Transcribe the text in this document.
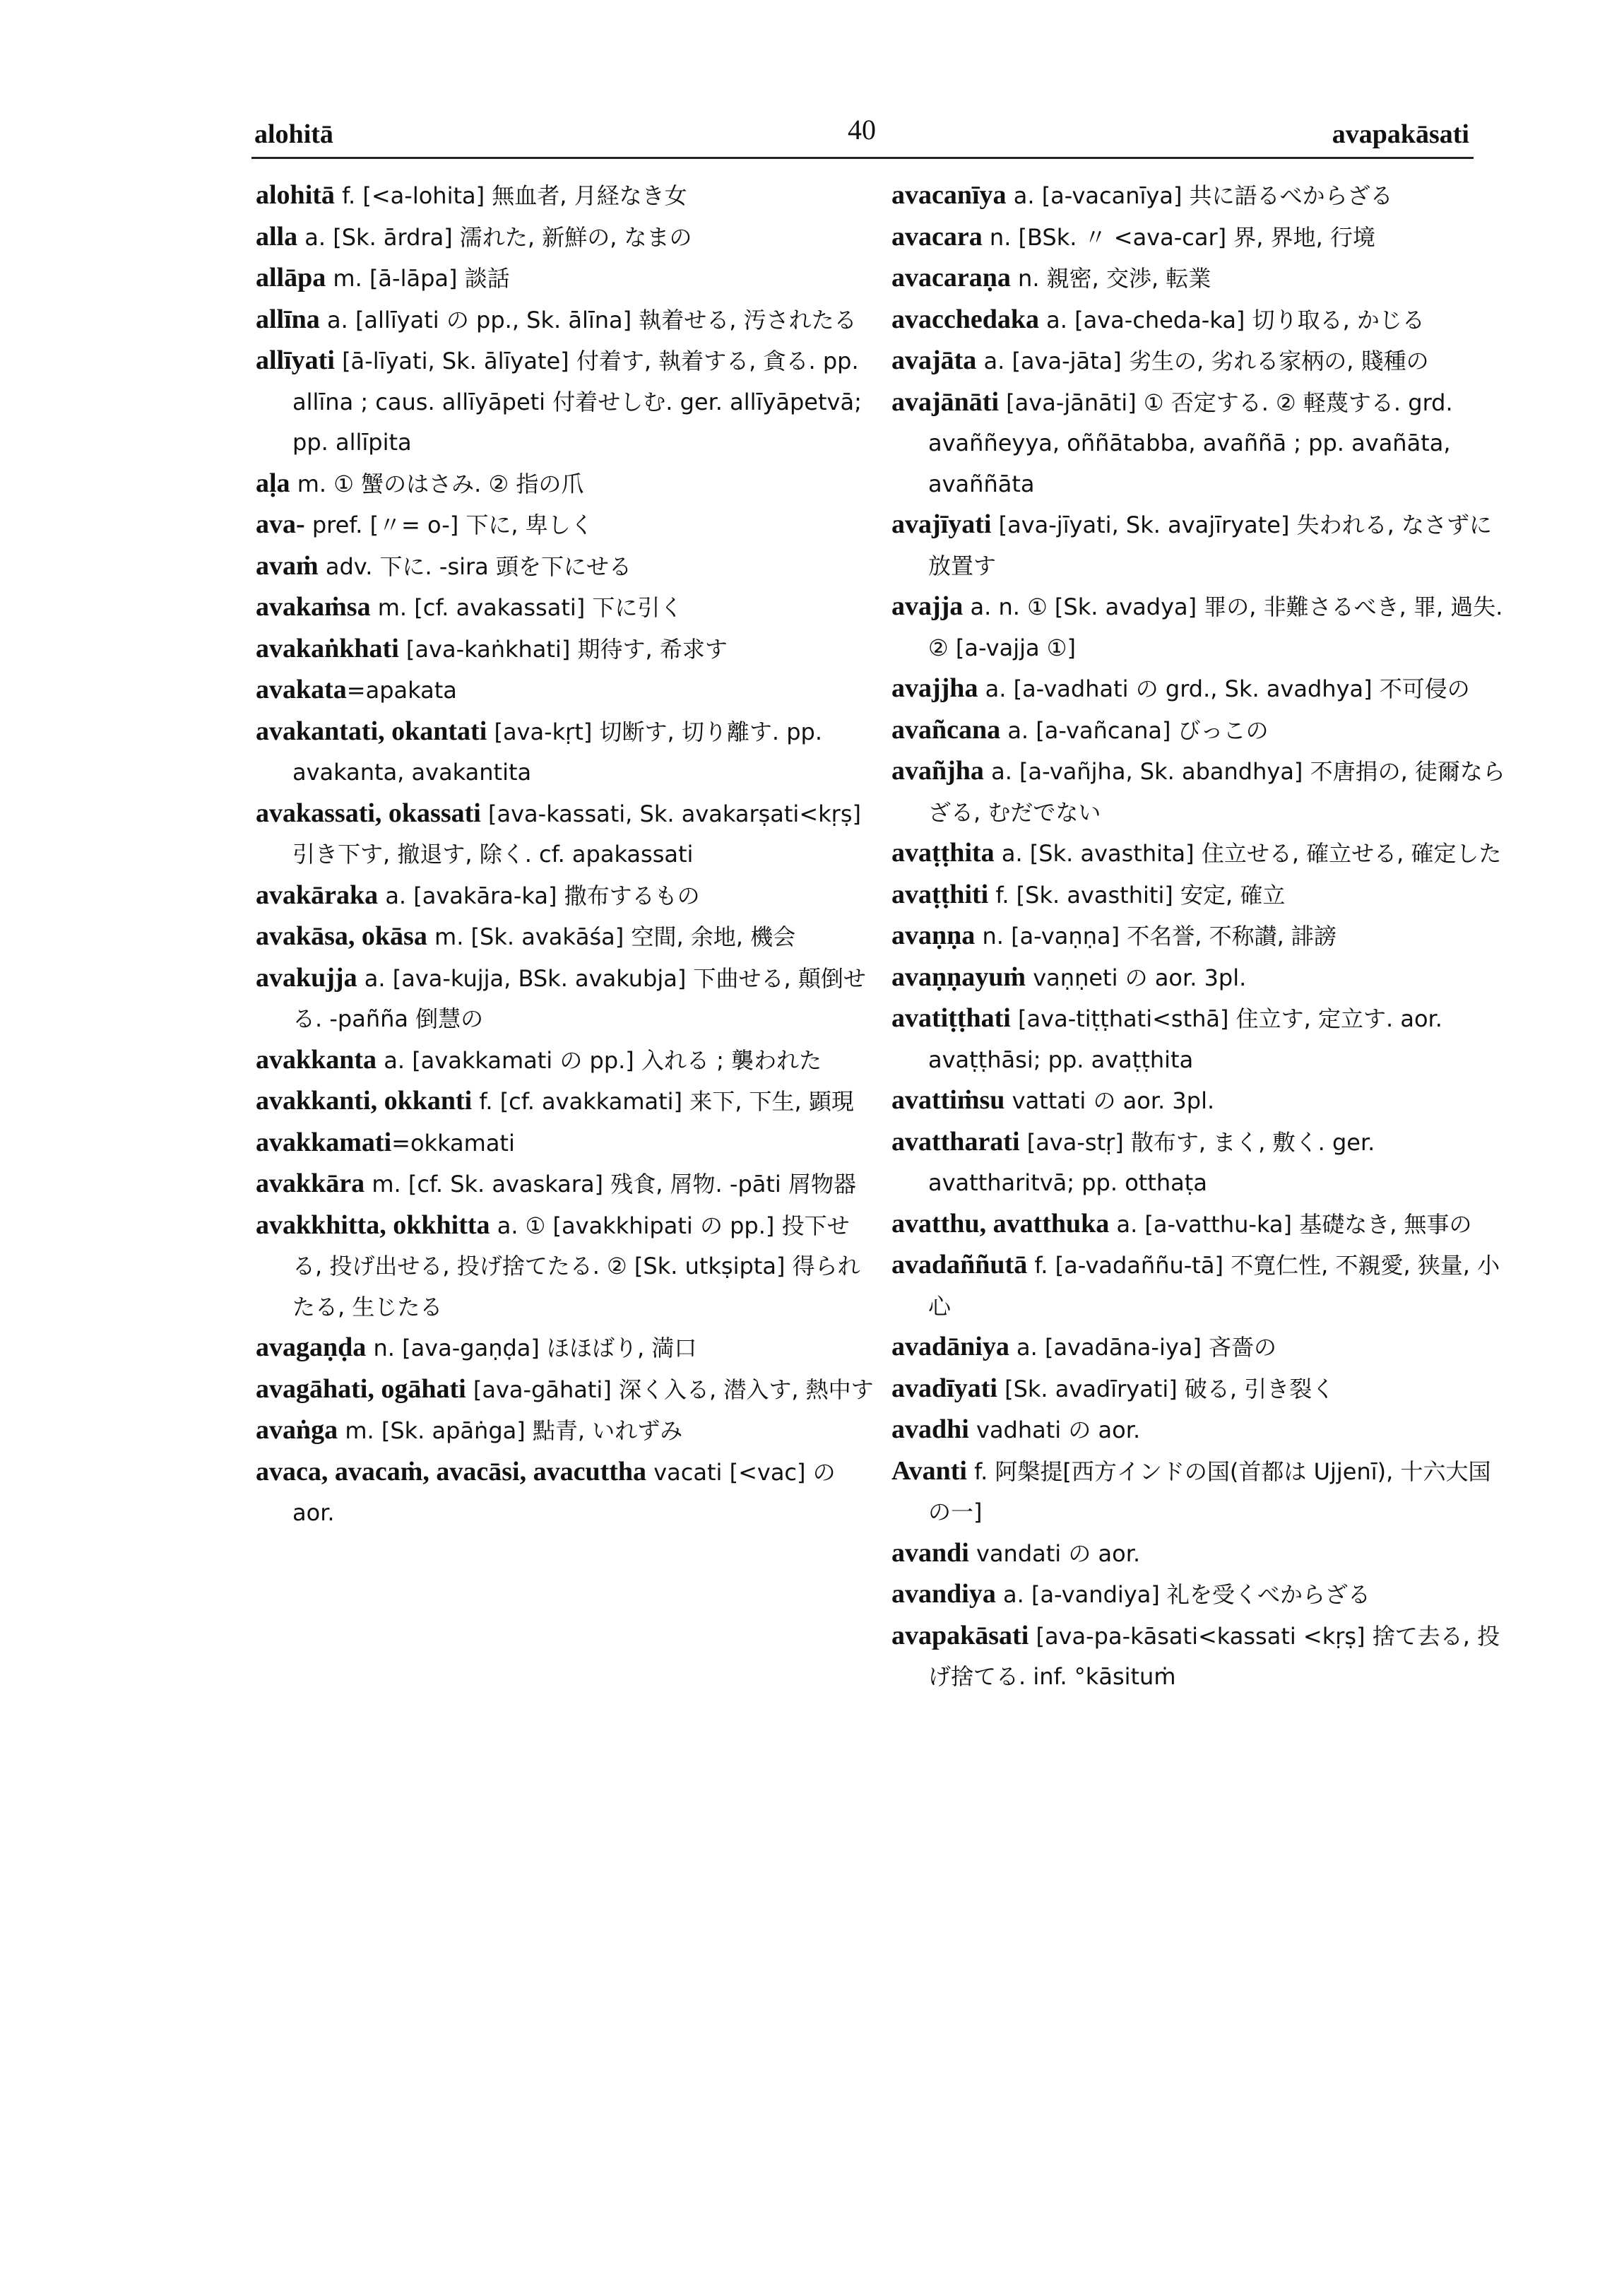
alohitā	40	avapakāsati

alohitā f. [<a-lohita] 無血者, 月経なき女

alla a. [Sk. ārdra] 濡れた, 新鮮の, なまの

allāpa m. [ā-lāpa] 談話

allīna a. [allīyati の pp., Sk. ālīna] 執着せる, 汚されたる

allīyati [ā-līyati, Sk. ālīyate] 付着す, 執着する, 貪る. pp. allīna ; caus. allīyāpeti 付着せしむ. ger. allīyāpetvā; pp. allīpita

aḷa m. ① 蟹のはさみ. ② 指の爪

ava- pref. [〃= o-] 下に, 卑しく

avaṁ adv. 下に. -sira 頭を下にせる

avakaṁsa m. [cf. avakassati] 下に引く

avakaṅkhati [ava-kaṅkhati] 期待す, 希求す

avakata=apakata

avakantati, okantati [ava-kṛt] 切断す, 切り離す. pp. avakanta, avakantita

avakassati, okassati [ava-kassati, Sk. avakarṣati<kṛṣ] 引き下す, 撤退す, 除く. cf. apakassati

avakāraka a. [avakāra-ka] 撒布するもの

avakāsa, okāsa m. [Sk. avakāśa] 空間, 余地, 機会

avakujja a. [ava-kujja, BSk. avakubja] 下曲せる, 顛倒せる. -pañña 倒慧の

avakkanta a. [avakkamati の pp.] 入れる ; 襲われた

avakkanti, okkanti f. [cf. avakkamati] 来下, 下生, 顕現

avakkamati=okkamati

avakkāra m. [cf. Sk. avaskara] 残食, 屑物. -pāti 屑物器

avakkhitta, okkhitta a. ① [avakkhipati の pp.] 投下せる, 投げ出せる, 投げ捨てたる. ② [Sk. utkṣipta] 得られたる, 生じたる

avagaṇḍa n. [ava-gaṇḍa] ほほばり, 満口

avagāhati, ogāhati [ava-gāhati] 深く入る, 潜入す, 熱中す

avaṅga m. [Sk. apāṅga] 點青, いれずみ

avaca, avacaṁ, avacāsi, avacuttha vacati [<vac] の aor.

avacanīya a. [a-vacanīya] 共に語るべからざる

avacara n. [BSk. 〃 <ava-car] 界, 界地, 行境

avacaraṇa n. 親密, 交渉, 転業

avacchedaka a. [ava-cheda-ka] 切り取る, かじる

avajāta a. [ava-jāta] 劣生の, 劣れる家柄の, 賤種の

avajānāti [ava-jānāti] ① 否定する. ② 軽蔑する. grd. avaññeyya, oññātabba, avaññā ; pp. avañāta, avaññāta

avajīyati [ava-jīyati, Sk. avajīryate] 失われる, なさずに放置す

avajja a. n. ① [Sk. avadya] 罪の, 非難さるべき, 罪, 過失. ② [a-vajja ①]

avajjha a. [a-vadhati の grd., Sk. avadhya] 不可侵の

avañcana a. [a-vañcana] びっこの

avañjha a. [a-vañjha, Sk. abandhya] 不唐捐の, 徒爾ならざる, むだでない

avaṭṭhita a. [Sk. avasthita] 住立せる, 確立せる, 確定した

avaṭṭhiti f. [Sk. avasthiti] 安定, 確立

avaṇṇa n. [a-vaṇṇa] 不名誉, 不称讃, 誹謗

avaṇṇayuṁ vaṇṇeti の aor. 3pl.

avatiṭṭhati [ava-tiṭṭhati<sthā] 住立す, 定立す. aor. avaṭṭhāsi; pp. avaṭṭhita

avattiṁsu vattati の aor. 3pl.

avattharati [ava-stṛ] 散布す, まく, 敷く. ger. avattharitvā; pp. otthaṭa

avatthu, avatthuka a. [a-vatthu-ka] 基礎なき, 無事の

avadaññutā f. [a-vadaññu-tā] 不寛仁性, 不親愛, 狭量, 小心

avadāniya a. [avadāna-iya] 吝嗇の

avadīyati [Sk. avadīryati] 破る, 引き裂く

avadhi vadhati の aor.

Avanti f. 阿槃提[西方インドの国(首都は Ujjenī), 十六大国の一]

avandi vandati の aor.

avandiya a. [a-vandiya] 礼を受くべからざる

avapakāsati [ava-pa-kāsati<kassati <kṛṣ] 捨て去る, 投げ捨てる. inf. °kāsituṁ
